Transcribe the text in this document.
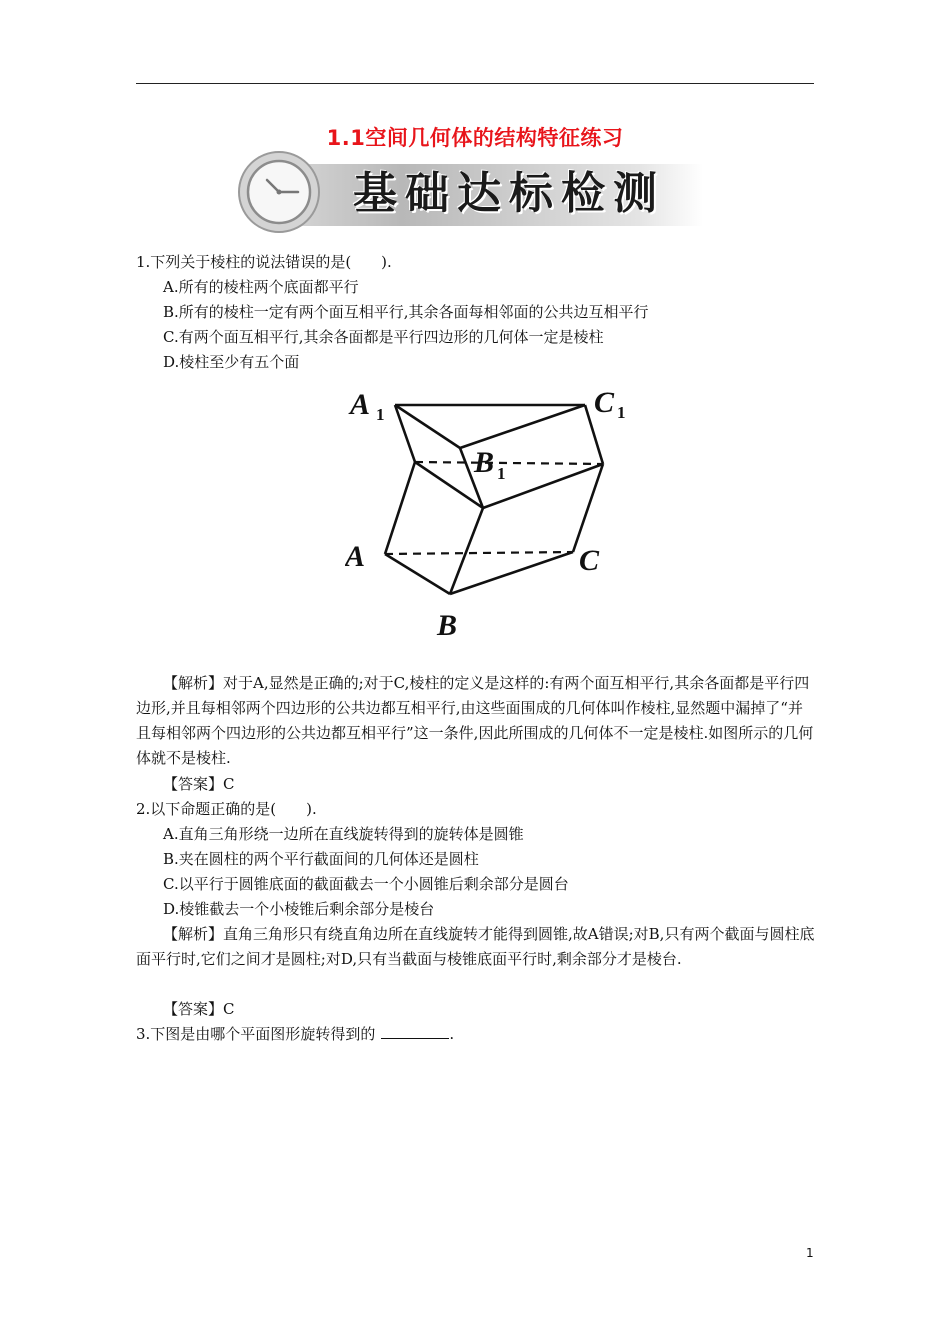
1.1空间几何体的结构特征练习
基础达标检测
1.下列关于棱柱的说法错误的是(　　).
A.所有的棱柱两个底面都平行
B.所有的棱柱一定有两个面互相平行,其余各面每相邻面的公共边互相平行
C.有两个面互相平行,其余各面都是平行四边形的几何体一定是棱柱
D.棱柱至少有五个面
A 1	C 1
B 1
A	C
B
【解析】对于A,显然是正确的;对于C,棱柱的定义是这样的:有两个面互相平行,其余各面都是平行四边形,并且每相邻两个四边形的公共边都互相平行,由这些面围成的几何体叫作棱柱,显然题中漏掉了“并且每相邻两个四边形的公共边都互相平行”这一条件,因此所围成的几何体不一定是棱柱.如图所示的几何体就不是棱柱.
【答案】C
2.以下命题正确的是(　　).
A.直角三角形绕一边所在直线旋转得到的旋转体是圆锥
B.夹在圆柱的两个平行截面间的几何体还是圆柱
C.以平行于圆锥底面的截面截去一个小圆锥后剩余部分是圆台
D.棱锥截去一个小棱锥后剩余部分是棱台
【解析】直角三角形只有绕直角边所在直线旋转才能得到圆锥,故A错误;对B,只有两个截面与圆柱底面平行时,它们之间才是圆柱;对D,只有当截面与棱锥底面平行时,剩余部分才是棱台.
【答案】C
3.下图是由哪个平面图形旋转得到的	.
1
